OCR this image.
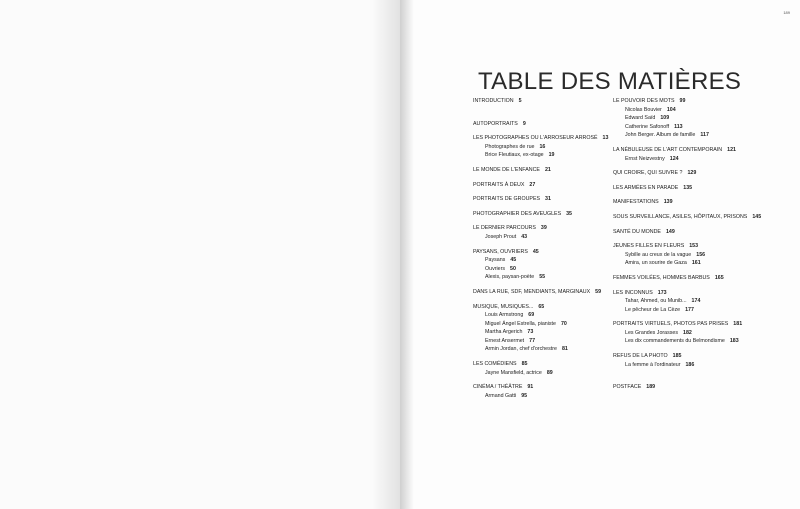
189
TABLE DES MATIÈRES
INTRODUCTION 5
AUTOPORTRAITS 9
LES PHOTOGRAPHES OU L'ARROSEUR ARROSÉ 13
Photographes de rue 16
Brice Fleutiaux, ex-otage 19
LE MONDE DE L'ENFANCE 21
PORTRAITS À DEUX 27
PORTRAITS DE GROUPES 31
PHOTOGRAPHIER DES AVEUGLES 35
LE DERNIER PARCOURS 39
Joseph Prout 43
PAYSANS, OUVRIERS 45
Paysans 45
Ouvriers 50
Alexis, paysan-poète 55
DANS LA RUE, SDF, MENDIANTS, MARGINAUX 59
MUSIQUE, MUSIQUES... 65
Louis Armstrong 69
Miguel Ángel Estrella, pianiste 70
Martha Argerich 73
Ernest Ansermet 77
Armin Jordan, chef d'orchestre 81
LES COMÉDIENS 85
Jayne Mansfield, actrice 89
CINÉMA / THÉÂTRE 91
Armand Gatti 95
LE POUVOIR DES MOTS 99
Nicolas Bouvier 104
Edward Saïd 109
Catherine Safonoff 113
John Berger. Album de famille 117
LA NÉBULEUSE DE L'ART CONTEMPORAIN 121
Ernst Neizvestny 124
QUI CROIRE, QUI SUIVRE ? 129
LES ARMÉES EN PARADE 135
MANIFESTATIONS 139
SOUS SURVEILLANCE, ASILES, HÔPITAUX, PRISONS 145
SANTÉ DU MONDE 149
JEUNES FILLES EN FLEURS 153
Sybille au creux de la vague 156
Amira, un sourire de Gaza 161
FEMMES VOILÉES, HOMMES BARBUS 165
LES INCONNUS 173
Tahar, Ahmed, ou Munib... 174
Le pêcheur de La Cèze 177
PORTRAITS VIRTUELS, PHOTOS PAS PRISES 181
Les Grandes Jorasses 182
Les dix commandements du Belmondisme 183
REFUS DE LA PHOTO 185
La femme à l'ordinateur 186
POSTFACE 189
